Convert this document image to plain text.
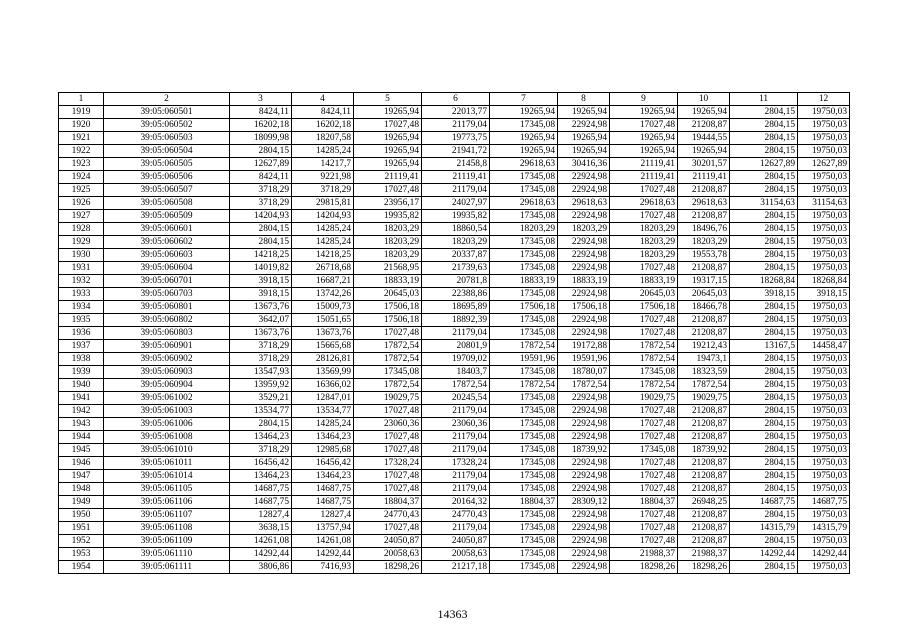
1	2	3	4	5	6	7	8	9	10	11	12
1919	39:05:060501	8424,11	8424,11	19265,94	22013,77	19265,94	19265,94	19265,94	19265,94	2804,15	19750,03
1920	39:05:060502	16202,18	16202,18	17027,48	21179,04	17345,08	22924,98	17027,48	21208,87	2804,15	19750,03
1921	39:05:060503	18099,98	18207,58	19265,94	19773,75	19265,94	19265,94	19265,94	19444,55	2804,15	19750,03
1922	39:05:060504	2804,15	14285,24	19265,94	21941,72	19265,94	19265,94	19265,94	19265,94	2804,15	19750,03
1923	39:05:060505	12627,89	14217,7	19265,94	21458,8	29618,63	30416,36	21119,41	30201,57	12627,89	12627,89
1924	39:05:060506	8424,11	9221,98	21119,41	21119,41	17345,08	22924,98	21119,41	21119,41	2804,15	19750,03
1925	39:05:060507	3718,29	3718,29	17027,48	21179,04	17345,08	22924,98	17027,48	21208,87	2804,15	19750,03
1926	39:05:060508	3718,29	29815,81	23956,17	24027,97	29618,63	29618,63	29618,63	29618,63	31154,63	31154,63
1927	39:05:060509	14204,93	14204,93	19935,82	19935,82	17345,08	22924,98	17027,48	21208,87	2804,15	19750,03
1928	39:05:060601	2804,15	14285,24	18203,29	18860,54	18203,29	18203,29	18203,29	18496,76	2804,15	19750,03
1929	39:05:060602	2804,15	14285,24	18203,29	18203,29	17345,08	22924,98	18203,29	18203,29	2804,15	19750,03
1930	39:05:060603	14218,25	14218,25	18203,29	20337,87	17345,08	22924,98	18203,29	19553,78	2804,15	19750,03
1931	39:05:060604	14019,82	26718,68	21568,95	21739,63	17345,08	22924,98	17027,48	21208,87	2804,15	19750,03
1932	39:05:060701	3918,15	16687,21	18833,19	20781,8	18833,19	18833,19	18833,19	19317,15	18268,84	18268,84
1933	39:05:060703	3918,15	13742,26	20645,03	22388,86	17345,08	22924,98	20645,03	20645,03	3918,15	3918,15
1934	39:05:060801	13673,76	15009,73	17506,18	18695,89	17506,18	17506,18	17506,18	18466,78	2804,15	19750,03
1935	39:05:060802	3642,07	15051,65	17506,18	18892,39	17345,08	22924,98	17027,48	21208,87	2804,15	19750,03
1936	39:05:060803	13673,76	13673,76	17027,48	21179,04	17345,08	22924,98	17027,48	21208,87	2804,15	19750,03
1937	39:05:060901	3718,29	15665,68	17872,54	20801,9	17872,54	19172,88	17872,54	19212,43	13167,5	14458,47
1938	39:05:060902	3718,29	28126,81	17872,54	19709,02	19591,96	19591,96	17872,54	19473,1	2804,15	19750,03
1939	39:05:060903	13547,93	13569,99	17345,08	18403,7	17345,08	18780,07	17345,08	18323,59	2804,15	19750,03
1940	39:05:060904	13959,92	16366,02	17872,54	17872,54	17872,54	17872,54	17872,54	17872,54	2804,15	19750,03
1941	39:05:061002	3529,21	12847,01	19029,75	20245,54	17345,08	22924,98	19029,75	19029,75	2804,15	19750,03
1942	39:05:061003	13534,77	13534,77	17027,48	21179,04	17345,08	22924,98	17027,48	21208,87	2804,15	19750,03
1943	39:05:061006	2804,15	14285,24	23060,36	23060,36	17345,08	22924,98	17027,48	21208,87	2804,15	19750,03
1944	39:05:061008	13464,23	13464,23	17027,48	21179,04	17345,08	22924,98	17027,48	21208,87	2804,15	19750,03
1945	39:05:061010	3718,29	12985,68	17027,48	21179,04	17345,08	18739,92	17345,08	18739,92	2804,15	19750,03
1946	39:05:061011	16456,42	16456,42	17328,24	17328,24	17345,08	22924,98	17027,48	21208,87	2804,15	19750,03
1947	39:05:061014	13464,23	13464,23	17027,48	21179,04	17345,08	22924,98	17027,48	21208,87	2804,15	19750,03
1948	39:05:061105	14687,75	14687,75	17027,48	21179,04	17345,08	22924,98	17027,48	21208,87	2804,15	19750,03
1949	39:05:061106	14687,75	14687,75	18804,37	20164,32	18804,37	28309,12	18804,37	26948,25	14687,75	14687,75
1950	39:05:061107	12827,4	12827,4	24770,43	24770,43	17345,08	22924,98	17027,48	21208,87	2804,15	19750,03
1951	39:05:061108	3638,15	13757,94	17027,48	21179,04	17345,08	22924,98	17027,48	21208,87	14315,79	14315,79
1952	39:05:061109	14261,08	14261,08	24050,87	24050,87	17345,08	22924,98	17027,48	21208,87	2804,15	19750,03
1953	39:05:061110	14292,44	14292,44	20058,63	20058,63	17345,08	22924,98	21988,37	21988,37	14292,44	14292,44
1954	39:05:061111	3806,86	7416,93	18298,26	21217,18	17345,08	22924,98	18298,26	18298,26	2804,15	19750,03
14363
